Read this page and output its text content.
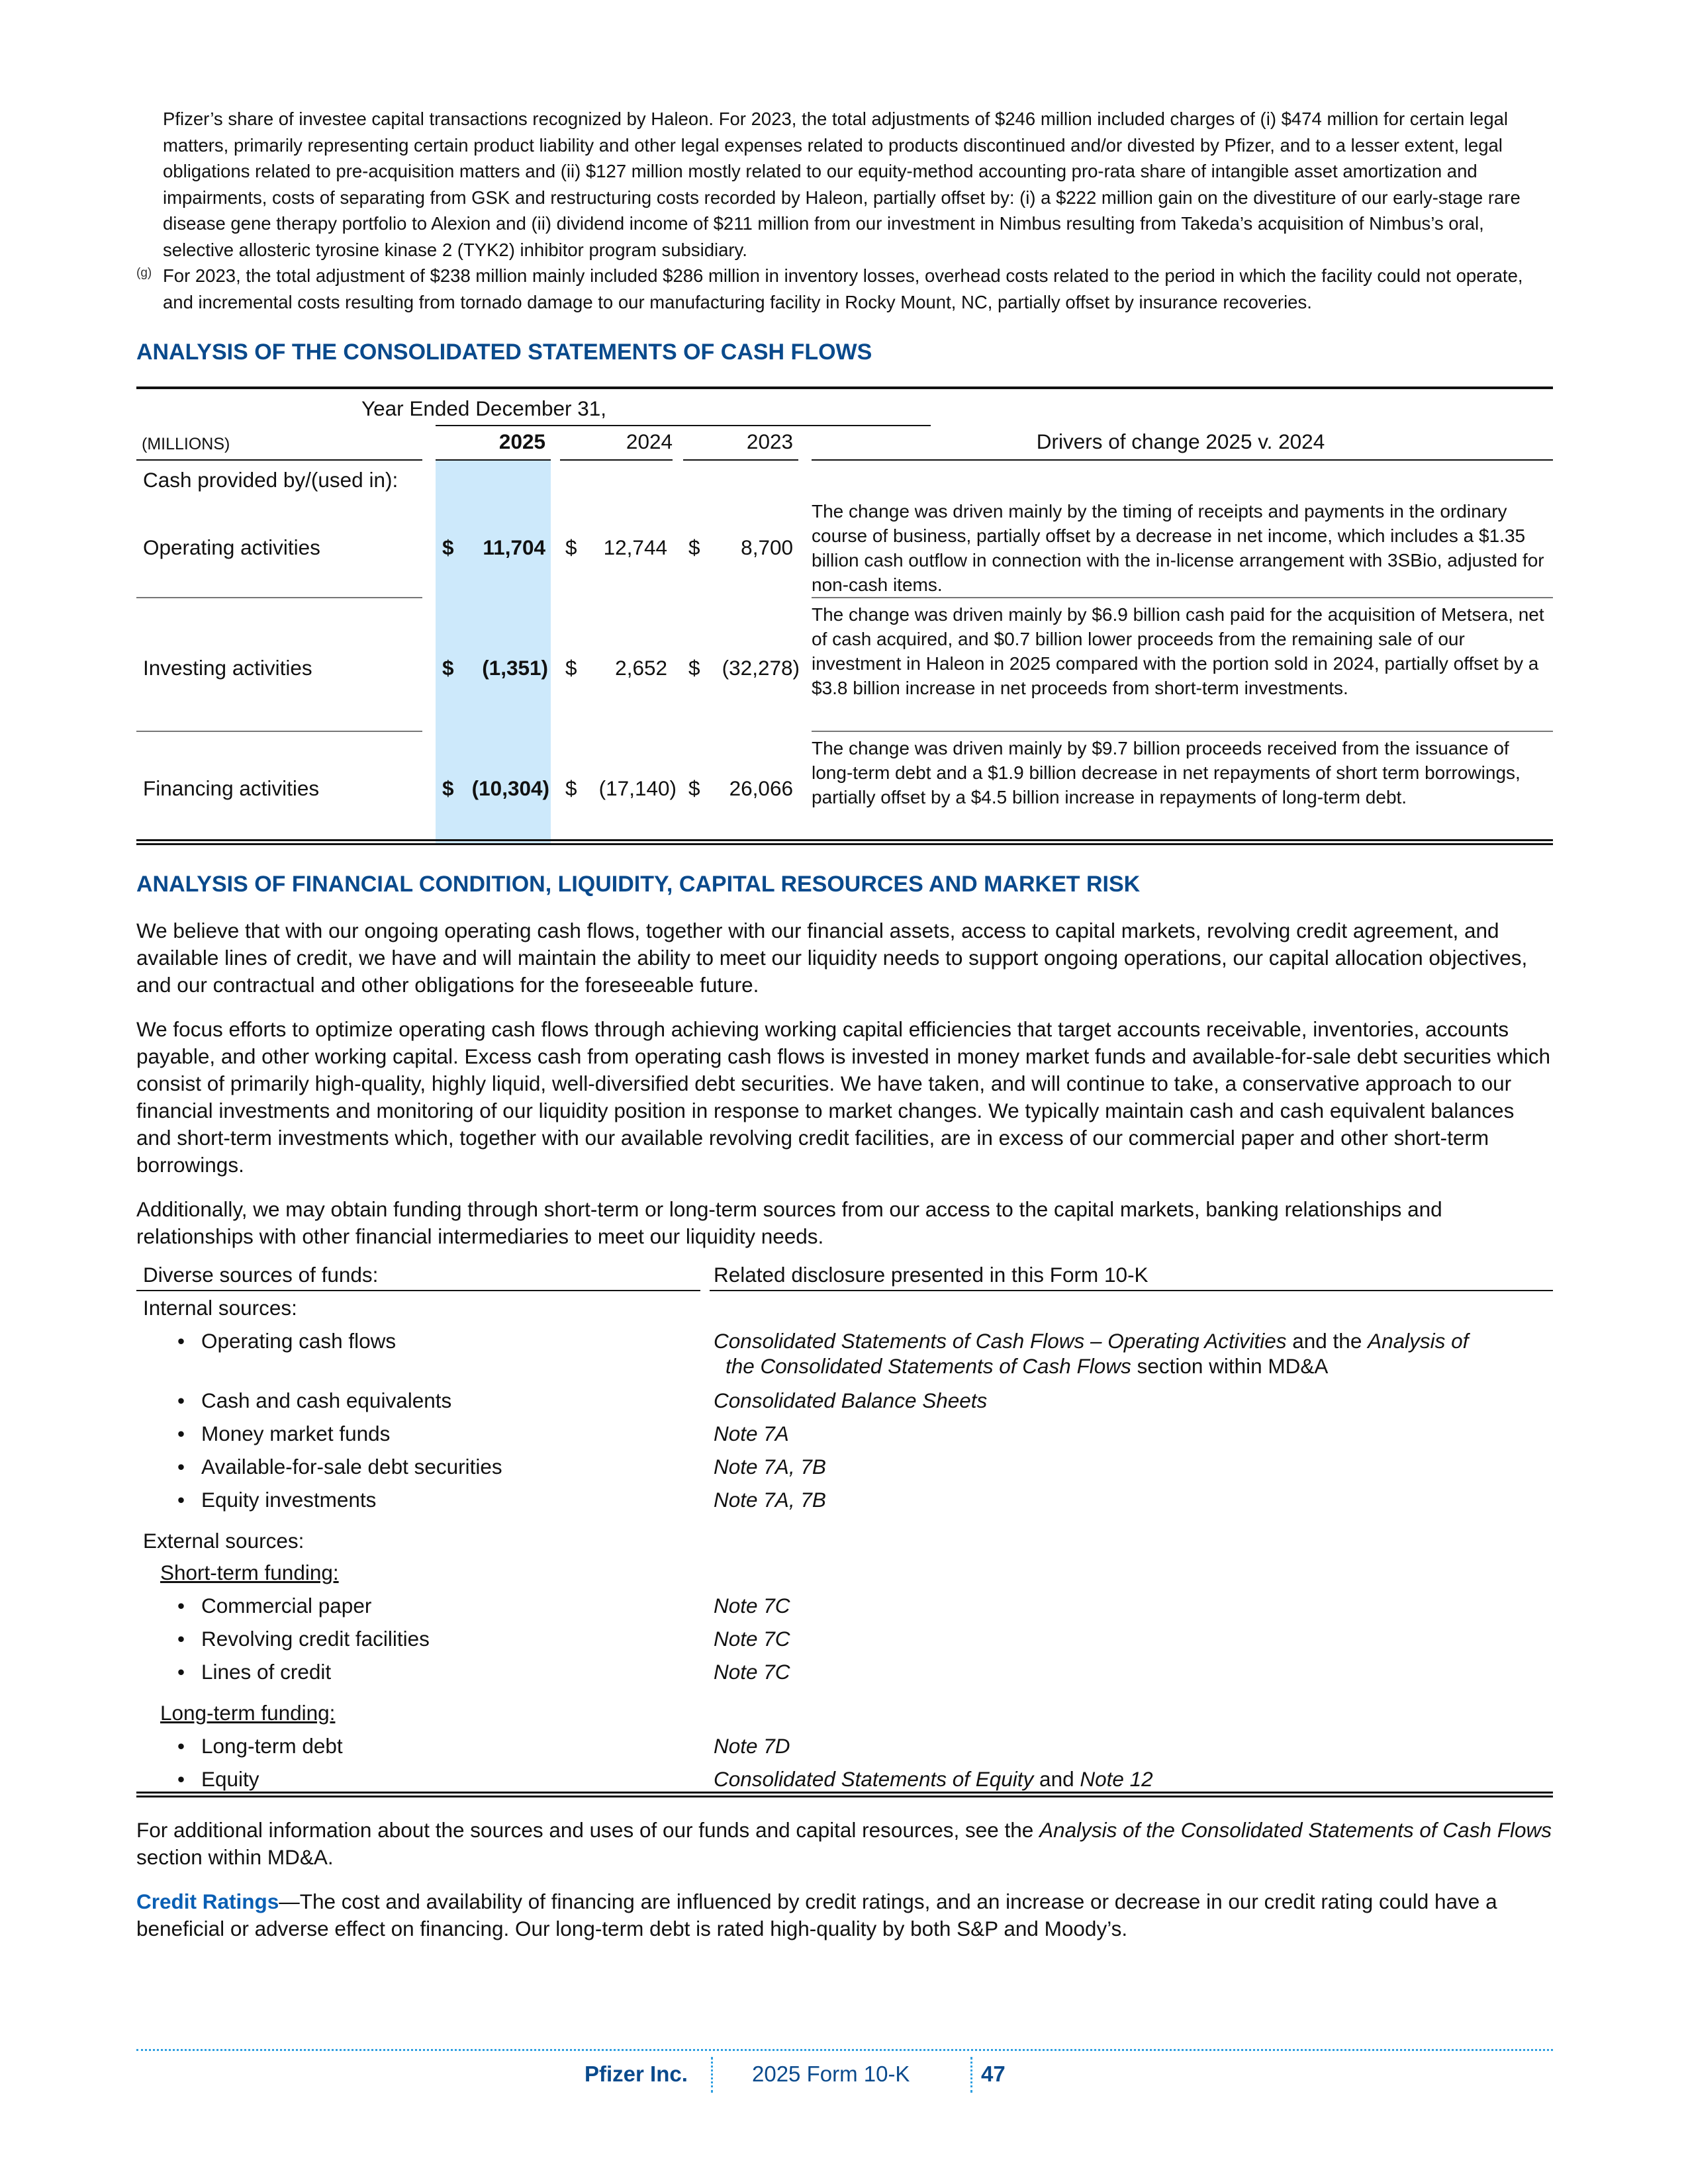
Pfizer’s share of investee capital transactions recognized by Haleon. For 2023, the total adjustments of $246 million included charges of (i) $474 million for certain legal matters, primarily representing certain product liability and other legal expenses related to products discontinued and/or divested by Pfizer, and to a lesser extent, legal obligations related to pre-acquisition matters and (ii) $127 million mostly related to our equity-method accounting pro-rata share of intangible asset amortization and impairments, costs of separating from GSK and restructuring costs recorded by Haleon, partially offset by: (i) a $222 million gain on the divestiture of our early-stage rare disease gene therapy portfolio to Alexion and (ii) dividend income of $211 million from our investment in Nimbus resulting from Takeda’s acquisition of Nimbus’s oral, selective allosteric tyrosine kinase 2 (TYK2) inhibitor program subsidiary.
(g) For 2023, the total adjustment of $238 million mainly included $286 million in inventory losses, overhead costs related to the period in which the facility could not operate, and incremental costs resulting from tornado damage to our manufacturing facility in Rocky Mount, NC, partially offset by insurance recoveries.
ANALYSIS OF THE CONSOLIDATED STATEMENTS OF CASH FLOWS
Year Ended December 31,
(MILLIONS)	2025	2024	2023	Drivers of change 2025 v. 2024
Cash provided by/(used in):
Operating activities	$	11,704 $	12,744 $	8,700
The change was driven mainly by the timing of receipts and payments in the ordinary course of business, partially offset by a decrease in net income, which includes a $1.35 billion cash outflow in connection with the in-license arrangement with 3SBio, adjusted for non-cash items.
Investing activities	$	(1,351) $	2,652 $	(32,278)
The change was driven mainly by $6.9 billion cash paid for the acquisition of Metsera, net of cash acquired, and $0.7 billion lower proceeds from the remaining sale of our investment in Haleon in 2025 compared with the portion sold in 2024, partially offset by a $3.8 billion increase in net proceeds from short-term investments.
Financing activities	$ (10,304) $	(17,140) $	26,066
The change was driven mainly by $9.7 billion proceeds received from the issuance of long-term debt and a $1.9 billion decrease in net repayments of short term borrowings, partially offset by a $4.5 billion increase in repayments of long-term debt.
ANALYSIS OF FINANCIAL CONDITION, LIQUIDITY, CAPITAL RESOURCES AND MARKET RISK

We believe that with our ongoing operating cash flows, together with our financial assets, access to capital markets, revolving credit agreement, and available lines of credit, we have and will maintain the ability to meet our liquidity needs to support ongoing operations, our capital allocation objectives, and our contractual and other obligations for the foreseeable future.

We focus efforts to optimize operating cash flows through achieving working capital efficiencies that target accounts receivable, inventories, accounts payable, and other working capital. Excess cash from operating cash flows is invested in money market funds and available-for-sale debt securities which consist of primarily high-quality, highly liquid, well-diversified debt securities. We have taken, and will continue to take, a conservative approach to our financial investments and monitoring of our liquidity position in response to market changes. We typically maintain cash and cash equivalent balances and short-term investments which, together with our available revolving credit facilities, are in excess of our commercial paper and other short-term borrowings.

Additionally, we may obtain funding through short-term or long-term sources from our access to the capital markets, banking relationships and relationships with other financial intermediaries to meet our liquidity needs.

Diverse sources of funds:	Related disclosure presented in this Form 10-K
Internal sources:
• Operating cash flows	Consolidated Statements of Cash Flows – Operating Activities and the Analysis of
the Consolidated Statements of Cash Flows section within MD&A
• Cash and cash equivalents	Consolidated Balance Sheets
• Money market funds	Note 7A
• Available-for-sale debt securities	Note 7A, 7B
• Equity investments	Note 7A, 7B
External sources:
Short-term funding:
• Commercial paper	Note 7C
• Revolving credit facilities	Note 7C
• Lines of credit	Note 7C
Long-term funding:
• Long-term debt	Note 7D
• Equity	Consolidated Statements of Equity and Note 12

For additional information about the sources and uses of our funds and capital resources, see the Analysis of the Consolidated Statements of Cash Flows section within MD&A.

Credit Ratings—The cost and availability of financing are influenced by credit ratings, and an increase or decrease in our credit rating could have a beneficial or adverse effect on financing. Our long-term debt is rated high-quality by both S&P and Moody’s.

Pfizer Inc.	2025 Form 10-K	47
